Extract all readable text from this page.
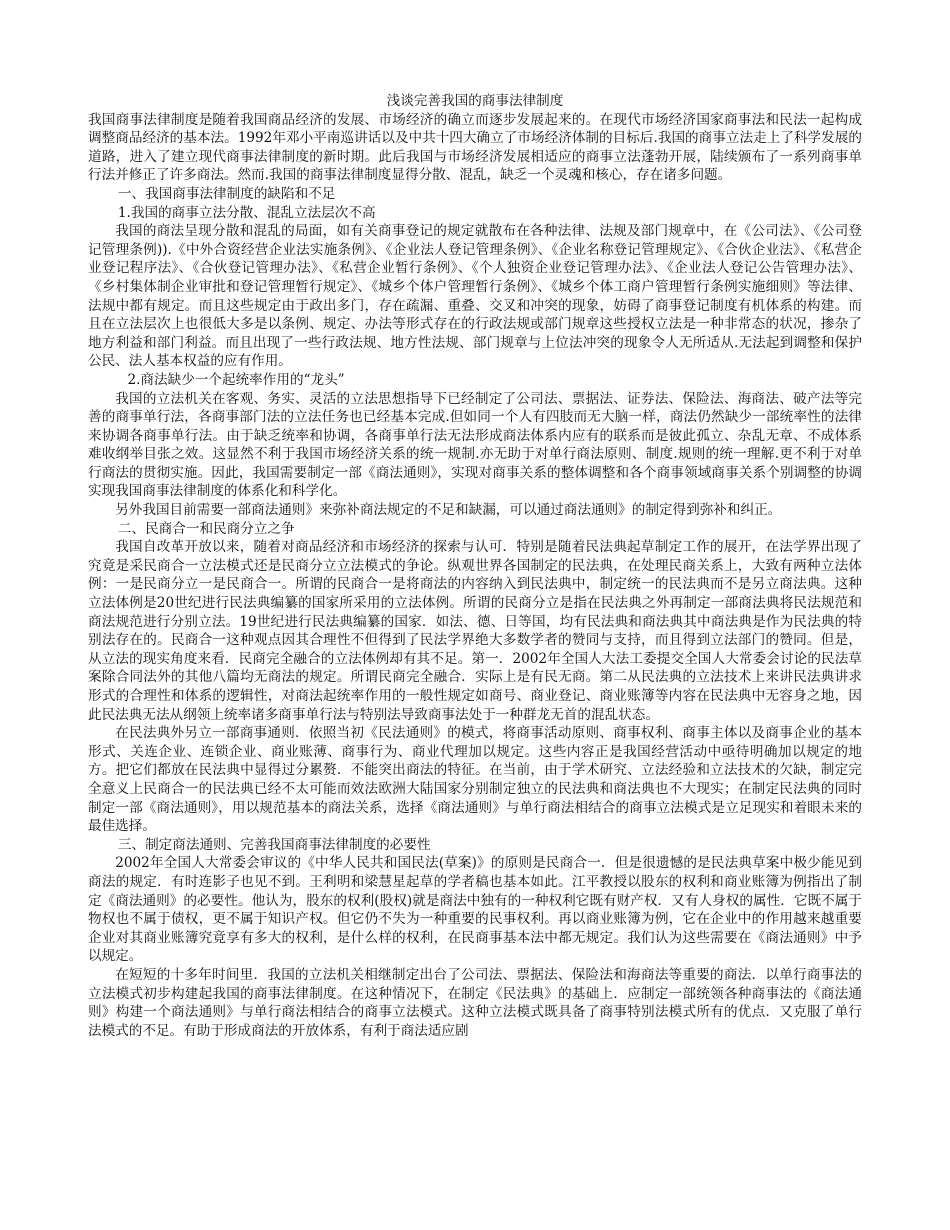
浅谈完善我国的商事法律制度

我国商事法律制度是随着我国商品经济的发展、市场经济的确立而逐步发展起来的。在现代市场经济国家商事法和民法一起构成调整商品经济的基本法。1992年邓小平南巡讲话以及中共十四大确立了市场经济体制的目标后.我国的商事立法走上了科学发展的道路，进入了建立现代商事法律制度的新时期。此后我国与市场经济发展相适应的商事立法蓬勃开展，陆续颁布了一系列商事单行法并修正了许多商法。然而.我国的商事法律制度显得分散、混乱，缺乏一个灵魂和核心，存在诸多问题。

一、我国商事法律制度的缺陷和不足

1.我国的商事立法分散、混乱立法层次不高

我国的商法呈现分散和混乱的局面，如有关商事登记的规定就散布在各种法律、法规及部门规章中，在《公司法》、《公司登记管理条例)).《中外合资经营企业法实施条例》、《企业法人登记管理条例》、《企业名称登记管理规定》、《合伙企业法》、《私营企业登记程序法》、《合伙登记管理办法》、《私营企业暂行条例》、《个人独资企业登记管理办法》、《企业法人登记公告管理办法》、《乡村集体制企业审批和登记管理暂行规定》、《城乡个体户管理暂行条例》、《城乡个体工商户管理暂行条例实施细则》等法律、法规中都有规定。而且这些规定由于政出多门，存在疏漏、重叠、交叉和冲突的现象，妨碍了商事登记制度有机体系的构建。而且在立法层次上也很低大多是以条例、规定、办法等形式存在的行政法规或部门规章这些授权立法是一种非常态的状况，掺杂了地方利益和部门利益。而且出现了一些行政法规、地方性法规、部门规章与上位法冲突的现象令人无所适从.无法起到调整和保护公民、法人基本权益的应有作用。

2.商法缺少一个起统率作用的“龙头”

我国的立法机关在客观、务实、灵活的立法思想指导下已经制定了公司法、票据法、证券法、保险法、海商法、破产法等完善的商事单行法，各商事部门法的立法任务也已经基本完成.但如同一个人有四肢而无大脑一样，商法仍然缺少一部统率性的法律来协调各商事单行法。由于缺乏统率和协调，各商事单行法无法形成商法体系内应有的联系而是彼此孤立、杂乱无章、不成体系难收纲举目张之效。这显然不利于我国市场经济关系的统一规制.亦无助于对单行商法原则、制度.规则的统一理解.更不利于对单行商法的贯彻实施。因此，我国需要制定一部《商法通则》，实现对商事关系的整体调整和各个商事领域商事关系个别调整的协调实现我国商事法律制度的体系化和科学化。

另外我国目前需要一部商法通则》来弥补商法规定的不足和缺漏，可以通过商法通则》的制定得到弥补和纠正。

二、民商合一和民商分立之争

我国自改革开放以来，随着对商品经济和市场经济的探索与认可．特别是随着民法典起草制定工作的展开，在法学界出现了究竟是采民商合一立法模式还是民商分立立法模式的争论。纵观世界各国制定的民法典，在处理民商关系上，大致有两种立法体例：一是民商分立一是民商合一。所谓的民商合一是将商法的内容纳入到民法典中，制定统一的民法典而不是另立商法典。这种立法体例是20世纪进行民法典编纂的国家所采用的立法体例。所谓的民商分立是指在民法典之外再制定一部商法典将民法规范和商法规范进行分别立法。19世纪进行民法典编纂的国家．如法、德、日等国，均有民法典和商法典其中商法典是作为民法典的特别法存在的。民商合一这种观点因其合理性不但得到了民法学界绝大多数学者的赞同与支持，而且得到立法部门的赞同。但是，从立法的现实角度来看．民商完全融合的立法体例却有其不足。第一．2002年全国人大法工委提交全国人大常委会讨论的民法草案除合同法外的其他八篇均无商法的规定。所谓民商完全融合．实际上是有民无商。第二从民法典的立法技术上来讲民法典讲求形式的合理性和体系的逻辑性，对商法起统率作用的一般性规定如商号、商业登记、商业账簿等内容在民法典中无容身之地，因此民法典无法从纲领上统率诸多商事单行法与特别法导致商事法处于一种群龙无首的混乱状态。

在民法典外另立一部商事通则．依照当初《民法通则》的模式，将商事活动原则、商事权利、商事主体以及商事企业的基本形式、关连企业、连锁企业、商业账薄、商事行为、商业代理加以规定。这些内容正是我国经营活动中亟待明确加以规定的地方。把它们都放在民法典中显得过分累赘．不能突出商法的特征。在当前，由于学术研究、立法经验和立法技术的欠缺，制定完全意义上民商合一的民法典已经不太可能而效法欧洲大陆国家分别制定独立的民法典和商法典也不大现实；在制定民法典的同时制定一部《商法通则》，用以规范基本的商法关系，选择《商法通则》与单行商法相结合的商事立法模式是立足现实和着眼未来的最佳选择。

三、制定商法通则、完善我国商事法律制度的必要性

2002年全国人大常委会审议的《中华人民共和国民法(草案)》的原则是民商合一．但是很遗憾的是民法典草案中极少能见到商法的规定．有时连影子也见不到。王利明和梁慧星起草的学者稿也基本如此。江平教授以股东的权利和商业账簿为例指出了制定《商法通则》的必要性。他认为，股东的权利(股权)就是商法中独有的一种权利它既有财产权．又有人身权的属性．它既不属于物权也不属于债权，更不属于知识产权。但它仍不失为一种重要的民事权利。再以商业账簿为例，它在企业中的作用越来越重要企业对其商业账簿究竟享有多大的权利，是什么样的权利，在民商事基本法中都无规定。我们认为这些需要在《商法通则》中予以规定。

在短短的十多年时间里．我国的立法机关相继制定出台了公司法、票据法、保险法和海商法等重要的商法．以单行商事法的立法模式初步构建起我国的商事法律制度。在这种情况下，在制定《民法典》的基础上．应制定一部统领各种商事法的《商法通则》构建一个商法通则》与单行商法相结合的商事立法模式。这种立法模式既具备了商事特别法模式所有的优点．又克服了单行法模式的不足。有助于形成商法的开放体系，有利于商法适应剧
